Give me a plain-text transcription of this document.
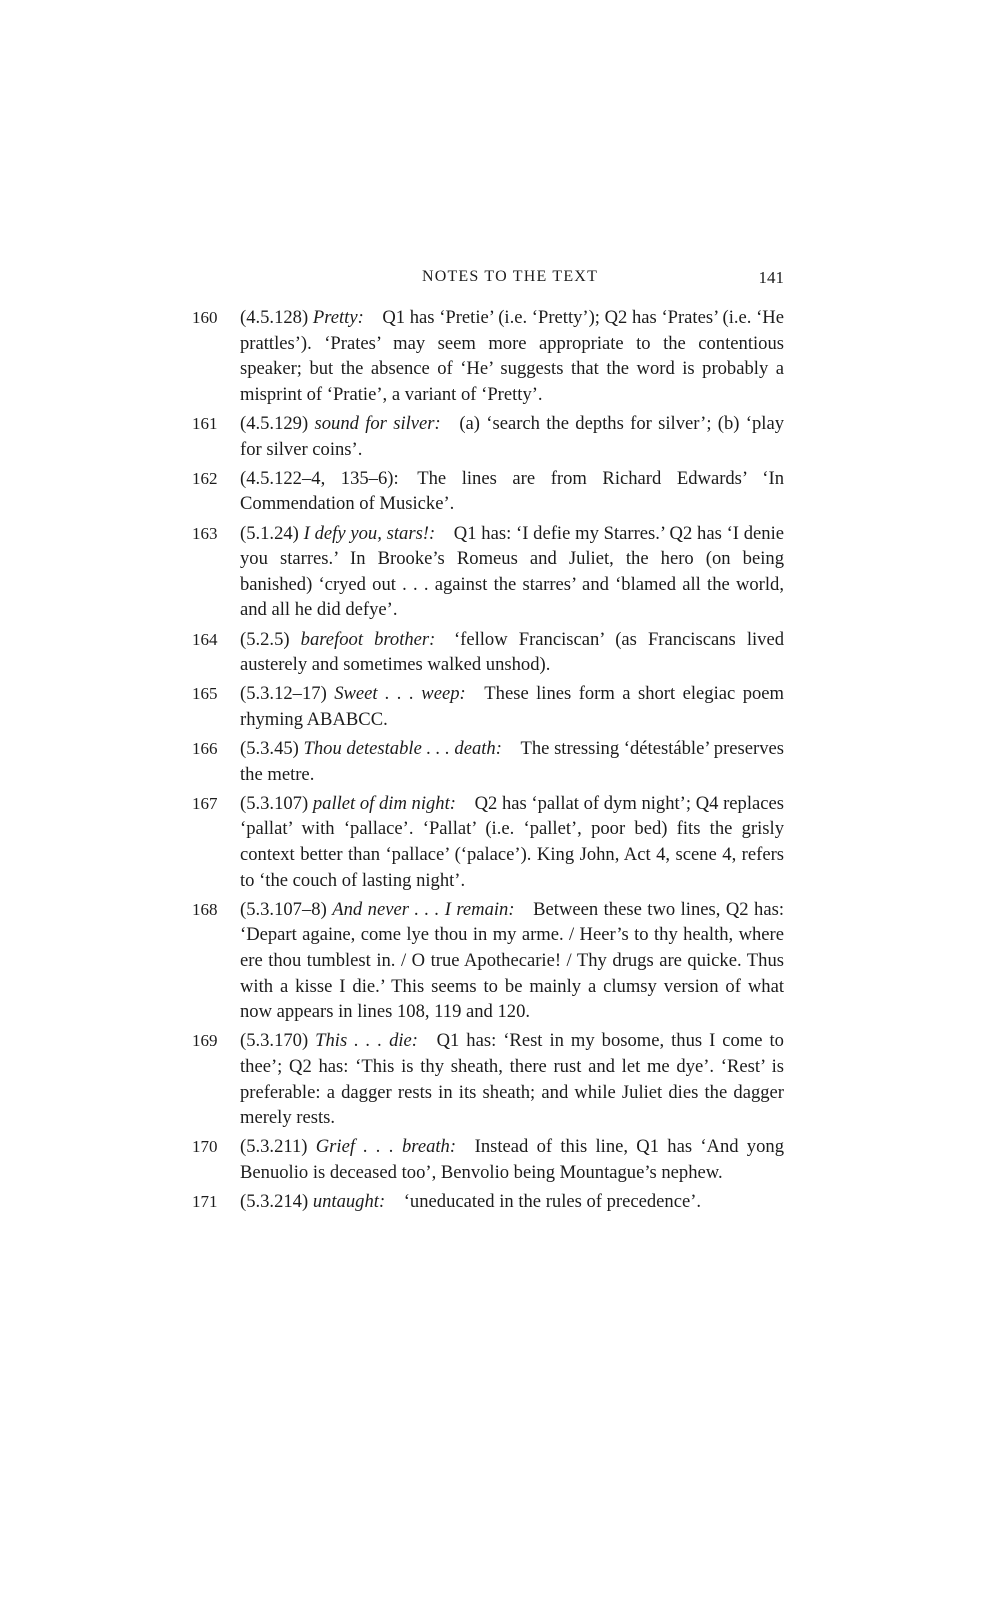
NOTES TO THE TEXT	141
160 (4.5.128) Pretty:  Q1 has ‘Pretie’ (i.e. ‘Pretty’); Q2 has ‘Prates’ (i.e. ‘He prattles’). ‘Prates’ may seem more appropriate to the contentious speaker; but the absence of ‘He’ suggests that the word is probably a misprint of ‘Pratie’, a variant of ‘Pretty’.
161 (4.5.129) sound for silver:  (a) ‘search the depths for silver’; (b) ‘play for silver coins’.
162 (4.5.122–4, 135–6):  The lines are from Richard Edwards’ ‘In Commendation of Musicke’.
163 (5.1.24) I defy you, stars!:  Q1 has: ‘I defie my Starres.’ Q2 has ‘I denie you starres.’ In Brooke’s Romeus and Juliet, the hero (on being banished) ‘cryed out . . . against the starres’ and ‘blamed all the world, and all he did defye’.
164 (5.2.5) barefoot brother:  ‘fellow Franciscan’ (as Franciscans lived austerely and sometimes walked unshod).
165 (5.3.12–17) Sweet . . . weep:  These lines form a short elegiac poem rhyming ABABCC.
166 (5.3.45) Thou detestable . . . death:  The stressing ‘détestáble’ preserves the metre.
167 (5.3.107) pallet of dim night:  Q2 has ‘pallat of dym night’; Q4 replaces ‘pallat’ with ‘pallace’. ‘Pallat’ (i.e. ‘pallet’, poor bed) fits the grisly context better than ‘pallace’ (‘palace’). King John, Act 4, scene 4, refers to ‘the couch of lasting night’.
168 (5.3.107–8) And never . . . I remain:  Between these two lines, Q2 has: ‘Depart againe, come lye thou in my arme. / Heer’s to thy health, where ere thou tumblest in. / O true Apothecarie! / Thy drugs are quicke. Thus with a kisse I die.’ This seems to be mainly a clumsy version of what now appears in lines 108, 119 and 120.
169 (5.3.170) This . . . die:  Q1 has: ‘Rest in my bosome, thus I come to thee’; Q2 has: ‘This is thy sheath, there rust and let me dye’. ‘Rest’ is preferable: a dagger rests in its sheath; and while Juliet dies the dagger merely rests.
170 (5.3.211) Grief . . . breath:  Instead of this line, Q1 has ‘And yong Benuolio is deceased too’, Benvolio being Mountague’s nephew.
171 (5.3.214) untaught:  ‘uneducated in the rules of precedence’.
